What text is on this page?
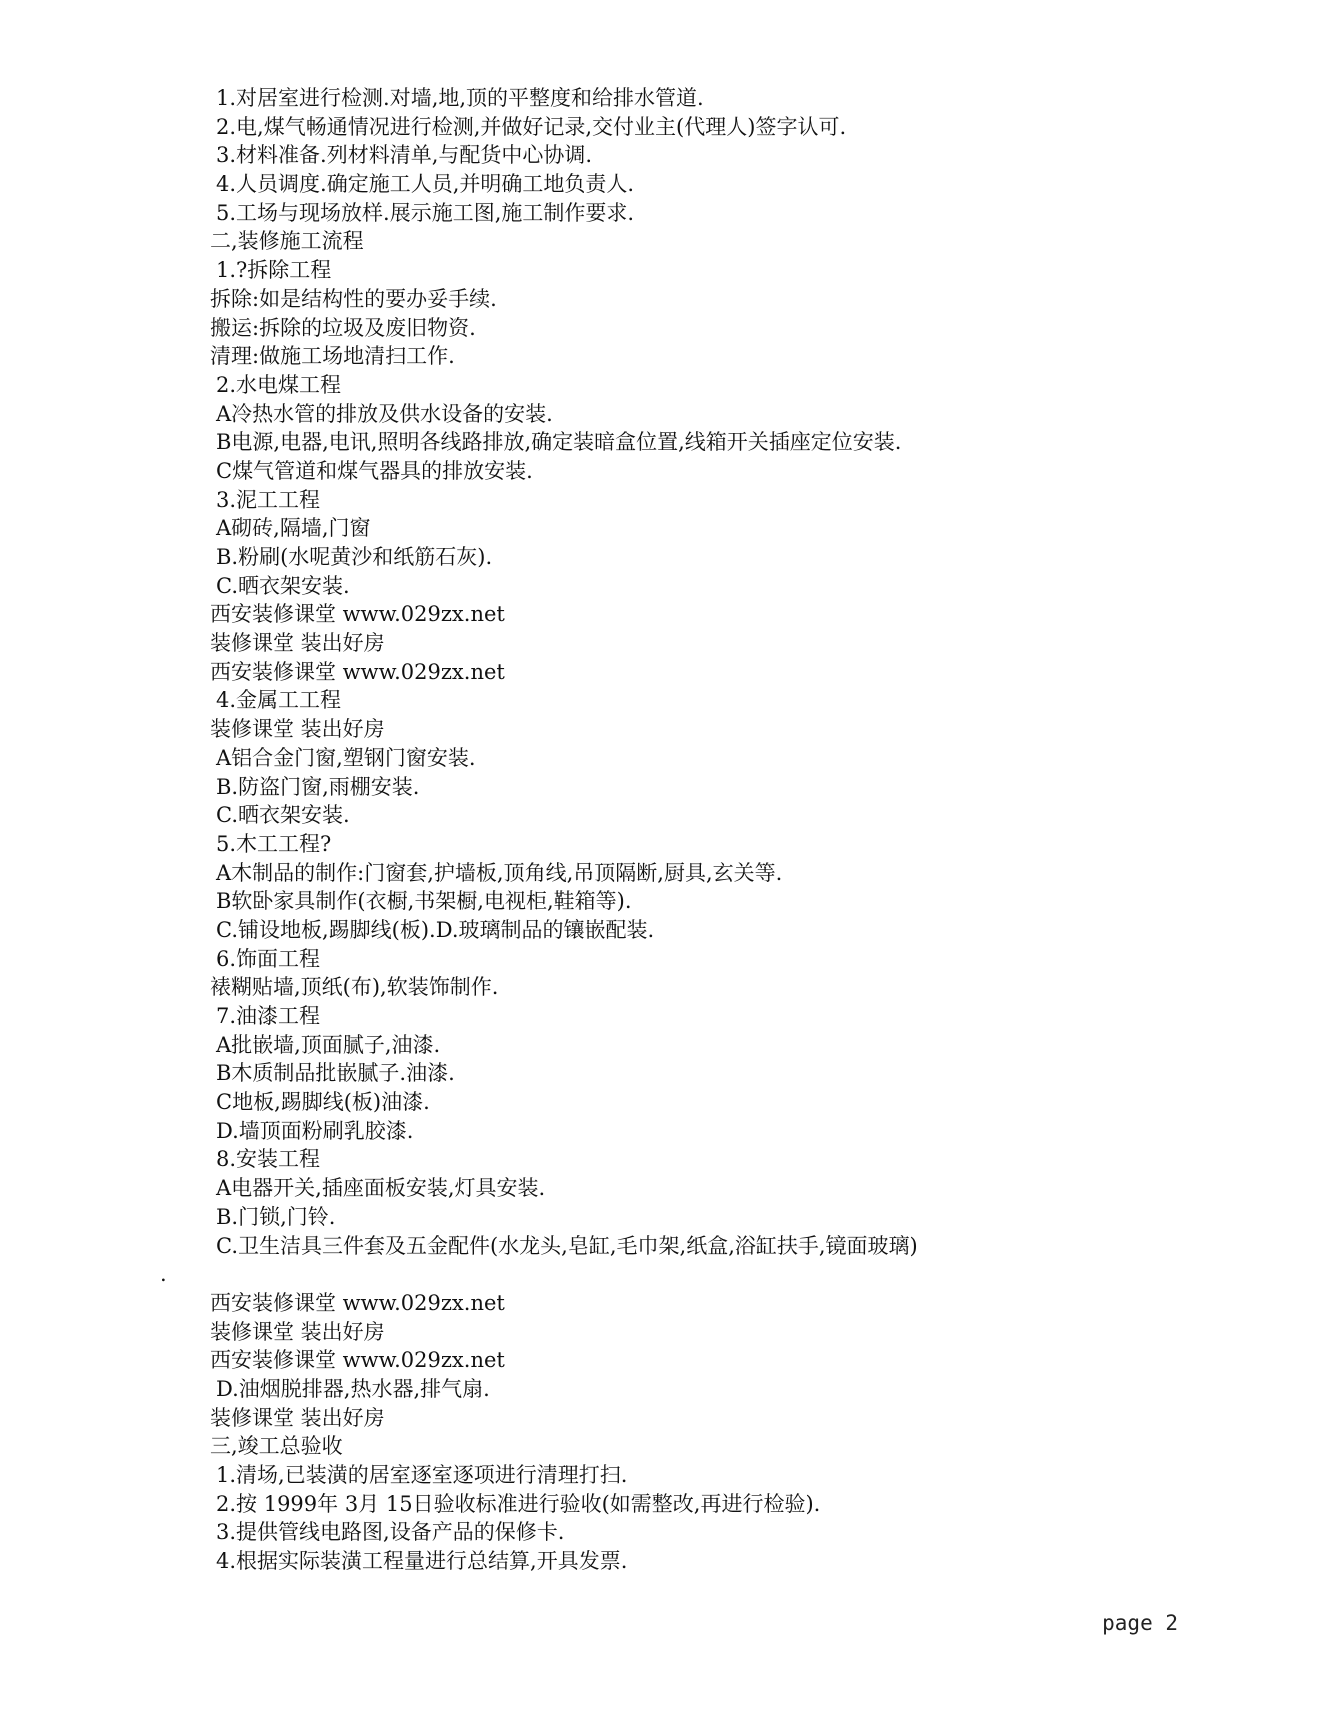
1.对居室进行检测.对墙,地,顶的平整度和给排水管道.
2.电,煤气畅通情况进行检测,并做好记录,交付业主(代理人)签字认可.
3.材料准备.列材料清单,与配货中心协调.
4.人员调度.确定施工人员,并明确工地负责人.
5.工场与现场放样.展示施工图,施工制作要求.
二,装修施工流程
1.?拆除工程
拆除:如是结构性的要办妥手续.
搬运:拆除的垃圾及废旧物资.
清理:做施工场地清扫工作.
2.水电煤工程
A冷热水管的排放及供水设备的安装.
B电源,电器,电讯,照明各线路排放,确定装暗盒位置,线箱开关插座定位安装.
C煤气管道和煤气器具的排放安装.
3.泥工工程
A砌砖,隔墙,门窗
B.粉刷(水呢黄沙和纸筋石灰).
C.晒衣架安装.
西安装修课堂 www.029zx.net
装修课堂 装出好房
西安装修课堂 www.029zx.net
4.金属工工程
装修课堂 装出好房
A铝合金门窗,塑钢门窗安装.
B.防盗门窗,雨棚安装.
C.晒衣架安装.
5.木工工程?
A木制品的制作:门窗套,护墙板,顶角线,吊顶隔断,厨具,玄关等.
B软卧家具制作(衣橱,书架橱,电视柜,鞋箱等).
C.铺设地板,踢脚线(板).D.玻璃制品的镶嵌配装.
6.饰面工程
裱糊贴墙,顶纸(布),软装饰制作.
7.油漆工程
A批嵌墙,顶面腻子,油漆.
B木质制品批嵌腻子.油漆.
C地板,踢脚线(板)油漆.
D.墙顶面粉刷乳胶漆.
8.安装工程
A电器开关,插座面板安装,灯具安装.
B.门锁,门铃.
C.卫生洁具三件套及五金配件(水龙头,皂缸,毛巾架,纸盒,浴缸扶手,镜面玻璃)
.
西安装修课堂 www.029zx.net
装修课堂 装出好房
西安装修课堂 www.029zx.net
D.油烟脱排器,热水器,排气扇.
装修课堂 装出好房
三,竣工总验收
1.清场,已装潢的居室逐室逐项进行清理打扫.
2.按 1999年 3月 15日验收标准进行验收(如需整改,再进行检验).
3.提供管线电路图,设备产品的保修卡.
4.根据实际装潢工程量进行总结算,开具发票.
page 2
